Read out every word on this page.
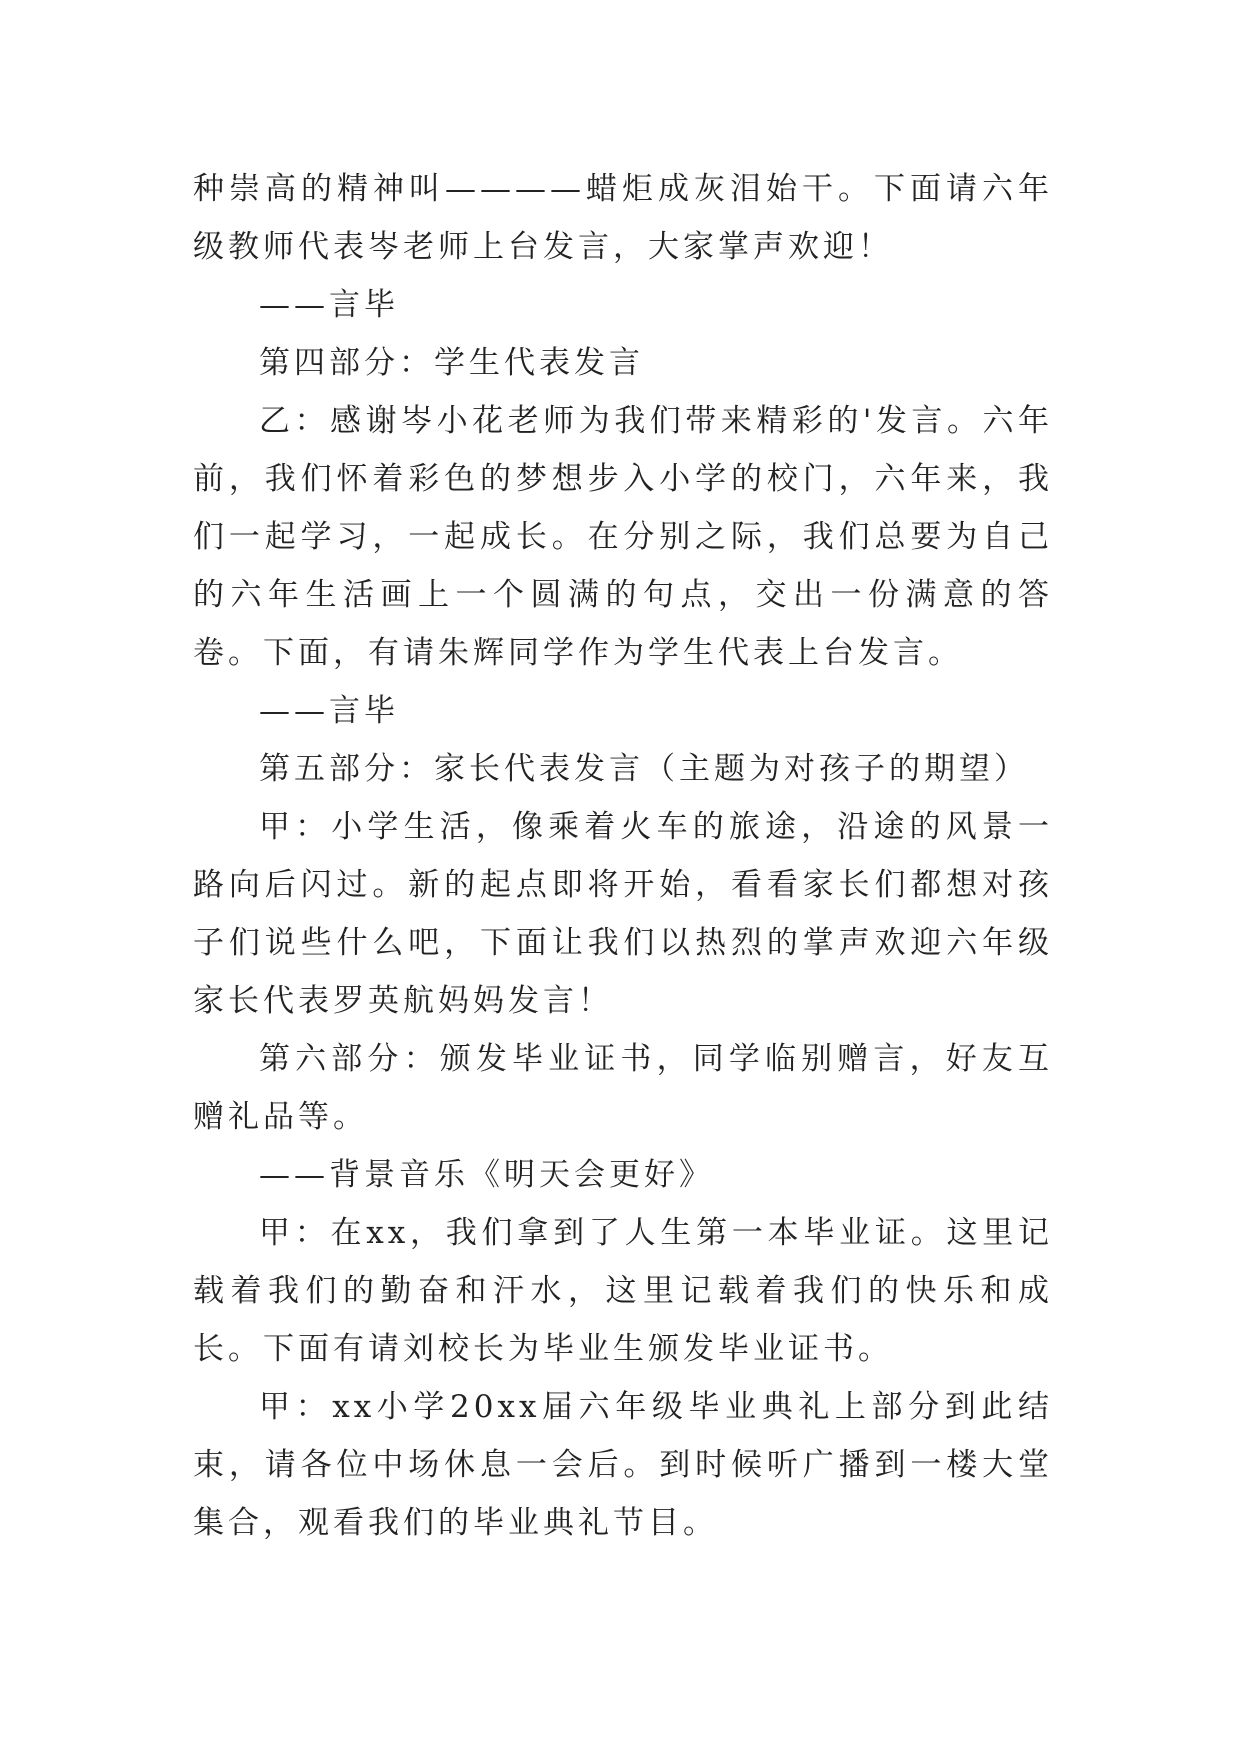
种崇高的精神叫————蜡炬成灰泪始干。下面请六年级教师代表岑老师上台发言，大家掌声欢迎！

——言毕

第四部分：学生代表发言

乙：感谢岑小花老师为我们带来精彩的'发言。六年前，我们怀着彩色的梦想步入小学的校门，六年来，我们一起学习，一起成长。在分别之际，我们总要为自己的六年生活画上一个圆满的句点，交出一份满意的答卷。下面，有请朱辉同学作为学生代表上台发言。

——言毕

第五部分：家长代表发言（主题为对孩子的期望）

甲：小学生活，像乘着火车的旅途，沿途的风景一路向后闪过。新的起点即将开始，看看家长们都想对孩子们说些什么吧，下面让我们以热烈的掌声欢迎六年级家长代表罗英航妈妈发言！

第六部分：颁发毕业证书，同学临别赠言，好友互赠礼品等。

——背景音乐《明天会更好》

甲：在xx，我们拿到了人生第一本毕业证。这里记载着我们的勤奋和汗水，这里记载着我们的快乐和成长。下面有请刘校长为毕业生颁发毕业证书。

甲：xx小学20xx届六年级毕业典礼上部分到此结束，请各位中场休息一会后。到时候听广播到一楼大堂集合，观看我们的毕业典礼节目。
